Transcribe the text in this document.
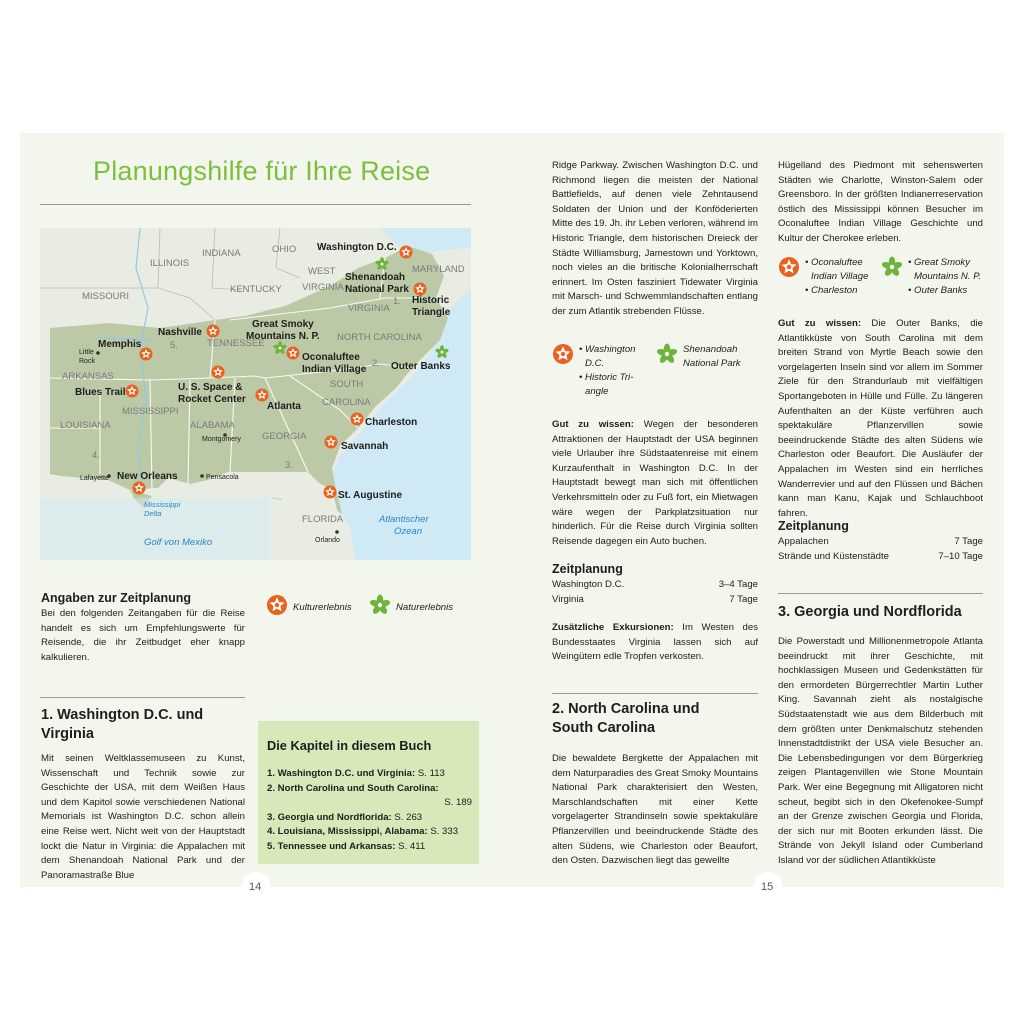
Planungshilfe für Ihre Reise
ILLINOIS
INDIANA	OHIO
MISSOURI
KENTUCKY
WEST
VIRGINIA
VIRGINIA
MARYLAND
NORTH CAROLINA
TENNESSEE
ARKANSAS
MISSISSIPPI
ALABAMA
GEORGIA
SOUTH
CAROLINA
LOUISIANA
FLORIDA
1.
2.
3.
4.
5.
Washington D.C.
Shenandoah
National Park
Historic
Triangle
Nashville
Great Smoky
Mountains N. P.
Memphis
Oconaluftee
Indian Village Outer Banks
Blues Trail	U. S. Space &
Rocket Center
Atlanta
Charleston
Savannah
New Orleans
St. Augustine
Little
Rock
Montgomery
Lafayette	Pensacola
Orlando
Mississippi
Delta
Golf von Mexiko
Atlantischer
Ozean
Angaben zur Zeitplanung
Bei den folgenden Zeitangaben für die Reise handelt es sich um Empfehlungswerte für Reisende, die ihr Zeitbudget eher knapp kalkulieren.
Kulturerlebnis	Naturerlebnis
1. Washington D.C. und
Virginia
Mit seinen Weltklassemuseen zu Kunst, Wissenschaft und Technik sowie zur Geschichte der USA, mit dem Weißen Haus und dem Kapitol sowie verschiedenen National Memorials ist Washington D.C. schon allein eine Reise wert. Nicht weit von der Hauptstadt lockt die Natur in Virginia: die Appalachen mit dem Shenandoah National Park und der Panoramastraße Blue
Die Kapitel in diesem Buch
1. Washington D.C. und Virginia: S. 113
2. North Carolina und South Carolina:
S. 189
3. Georgia und Nordflorida: S. 263
4. Louisiana, Mississippi, Alabama: S. 333
5. Tennessee und Arkansas: S. 411
14
Ridge Parkway. Zwischen Washington D.C. und Richmond liegen die meisten der National Battlefields, auf denen viele Zehntausend Soldaten der Union und der Konföderierten Mitte des 19. Jh. ihr Leben verloren, während im Historic Triangle, dem historischen Dreieck der Städte Williamsburg, Jamestown und Yorktown, noch vieles an die britische Kolonialherrschaft erinnert. Im Osten fasziniert Tidewater Virginia mit Marsch- und Schwemmlandschaften entlang der zum Atlantik strebenden Flüsse.
• Washington
D.C.
• Historic Tri-
angle
Shenandoah
National Park
Gut zu wissen: Wegen der besonderen Attraktionen der Hauptstadt der USA beginnen viele Urlauber ihre Südstaatenreise mit einem Kurzaufenthalt in Washington D.C. In der Hauptstadt bewegt man sich mit öffentlichen Verkehrsmitteln oder zu Fuß fort, ein Mietwagen wäre wegen der Parkplatzsituation nur hinderlich. Für die Reise durch Virginia sollten Reisende dagegen ein Auto buchen.
Zeitplanung
Washington D.C.	3–4 Tage
Virginia	7 Tage
Zusätzliche Exkursionen: Im Westen des Bundesstaates Virginia lassen sich auf Weingütern edle Tropfen verkosten.
2. North Carolina und
South Carolina
Die bewaldete Bergkette der Appalachen mit dem Naturparadies des Great Smoky Mountains National Park charakterisiert den Westen, Marschlandschaften mit einer Kette vorgelagerter Strandinseln sowie spektakuläre Pflanzervillen und beeindruckende Städte des alten Südens, wie Charleston oder Beaufort, den Osten. Dazwischen liegt das gewellte
Hügelland des Piedmont mit sehenswerten Städten wie Charlotte, Winston-Salem oder Greensboro. In der größten Indianerreservation östlich des Mississippi können Besucher im Oconaluftee Indian Village Geschichte und Kultur der Cherokee erleben.
• Oconaluftee
Indian Village
• Charleston
• Great Smoky
Mountains N. P.
• Outer Banks
Gut zu wissen: Die Outer Banks, die Atlantikküste von South Carolina mit dem breiten Strand von Myrtle Beach sowie den vorgelagerten Inseln sind vor allem im Sommer Ziele für den Strandurlaub mit vielfältigen Sportangeboten in Hülle und Fülle. Zu längeren Aufenthalten an der Küste verführen auch spektakuläre Pflanzervillen sowie beeindruckende Städte des alten Südens wie Charleston oder Beaufort. Die Ausläufer der Appalachen im Westen sind ein herrliches Wanderrevier und auf den Flüssen und Bächen kann man Kanu, Kajak und Schlauchboot fahren.
Zeitplanung
Appalachen	7 Tage
Strände und Küstenstädte	7–10 Tage
3. Georgia und Nordflorida
Die Powerstadt und Millionenmetropole Atlanta beeindruckt mit ihrer Geschichte, mit hochklassigen Museen und Gedenkstätten für den ermordeten Bürgerrechtler Martin Luther King. Savannah zieht als nostalgische Südstaatenstadt wie aus dem Bilderbuch mit dem größten unter Denkmalschutz stehenden Innenstadtdistrikt der USA viele Besucher an. Die Lebensbedingungen vor dem Bürgerkrieg zeigen Plantagenvillen wie Stone Mountain Park. Wer eine Begegnung mit Alligatoren nicht scheut, begibt sich in den Okefenokee-Sumpf an der Grenze zwischen Georgia und Florida, der sich nur mit Booten erkunden lässt. Die Strände von Jekyll Island oder Cumberland Island vor der südlichen Atlantikküste
15
